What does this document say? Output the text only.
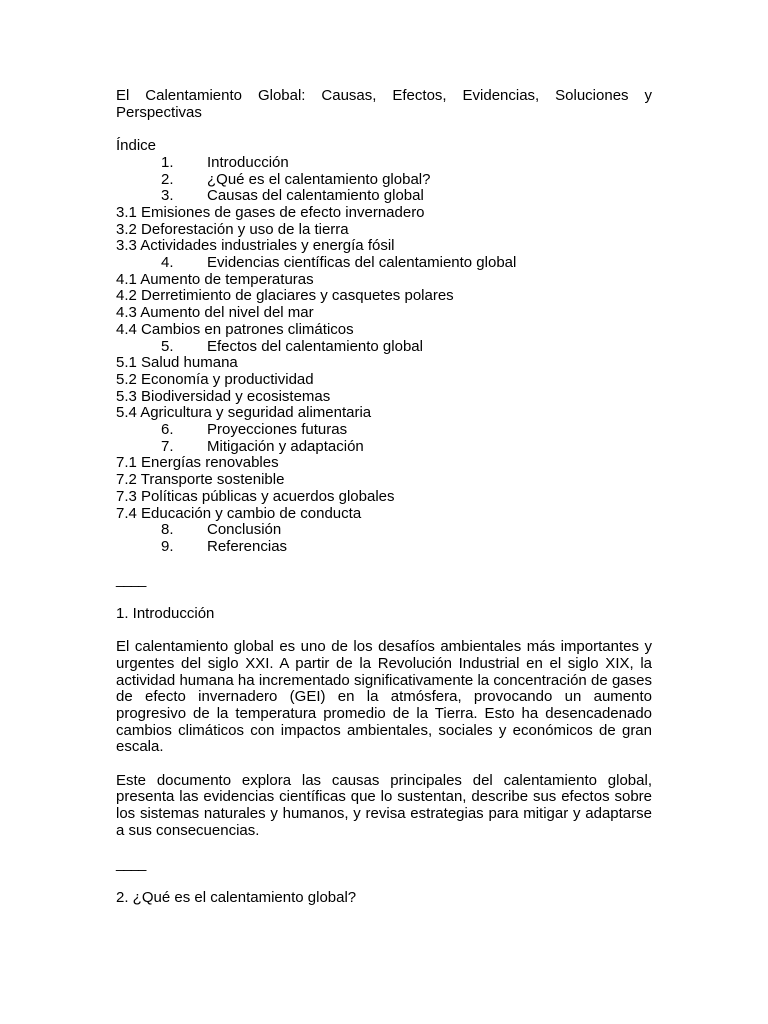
El Calentamiento Global: Causas, Efectos, Evidencias, Soluciones y Perspectivas

Índice

1.	Introducción
2.	¿Qué es el calentamiento global?
3.	Causas del calentamiento global

3.1 Emisiones de gases de efecto invernadero

3.2 Deforestación y uso de la tierra

3.3 Actividades industriales y energía fósil

4.	Evidencias científicas del calentamiento global

4.1 Aumento de temperaturas

4.2 Derretimiento de glaciares y casquetes polares

4.3 Aumento del nivel del mar

4.4 Cambios en patrones climáticos

5.	Efectos del calentamiento global

5.1 Salud humana

5.2 Economía y productividad

5.3 Biodiversidad y ecosistemas

5.4 Agricultura y seguridad alimentaria

6.	Proyecciones futuras
7.	Mitigación y adaptación

7.1 Energías renovables

7.2 Transporte sostenible

7.3 Políticas públicas y acuerdos globales

7.4 Educación y cambio de conducta

8.	Conclusión
9.	Referencias

____

1. Introducción

El calentamiento global es uno de los desafíos ambientales más importantes y urgentes del siglo XXI. A partir de la Revolución Industrial en el siglo XIX, la actividad humana ha incrementado significativamente la concentración de gases de efecto invernadero (GEI) en la atmósfera, provocando un aumento progresivo de la temperatura promedio de la Tierra. Esto ha desencadenado cambios climáticos con impactos ambientales, sociales y económicos de gran escala.

Este documento explora las causas principales del calentamiento global, presenta las evidencias científicas que lo sustentan, describe sus efectos sobre los sistemas naturales y humanos, y revisa estrategias para mitigar y adaptarse a sus consecuencias.

____

2. ¿Qué es el calentamiento global?
